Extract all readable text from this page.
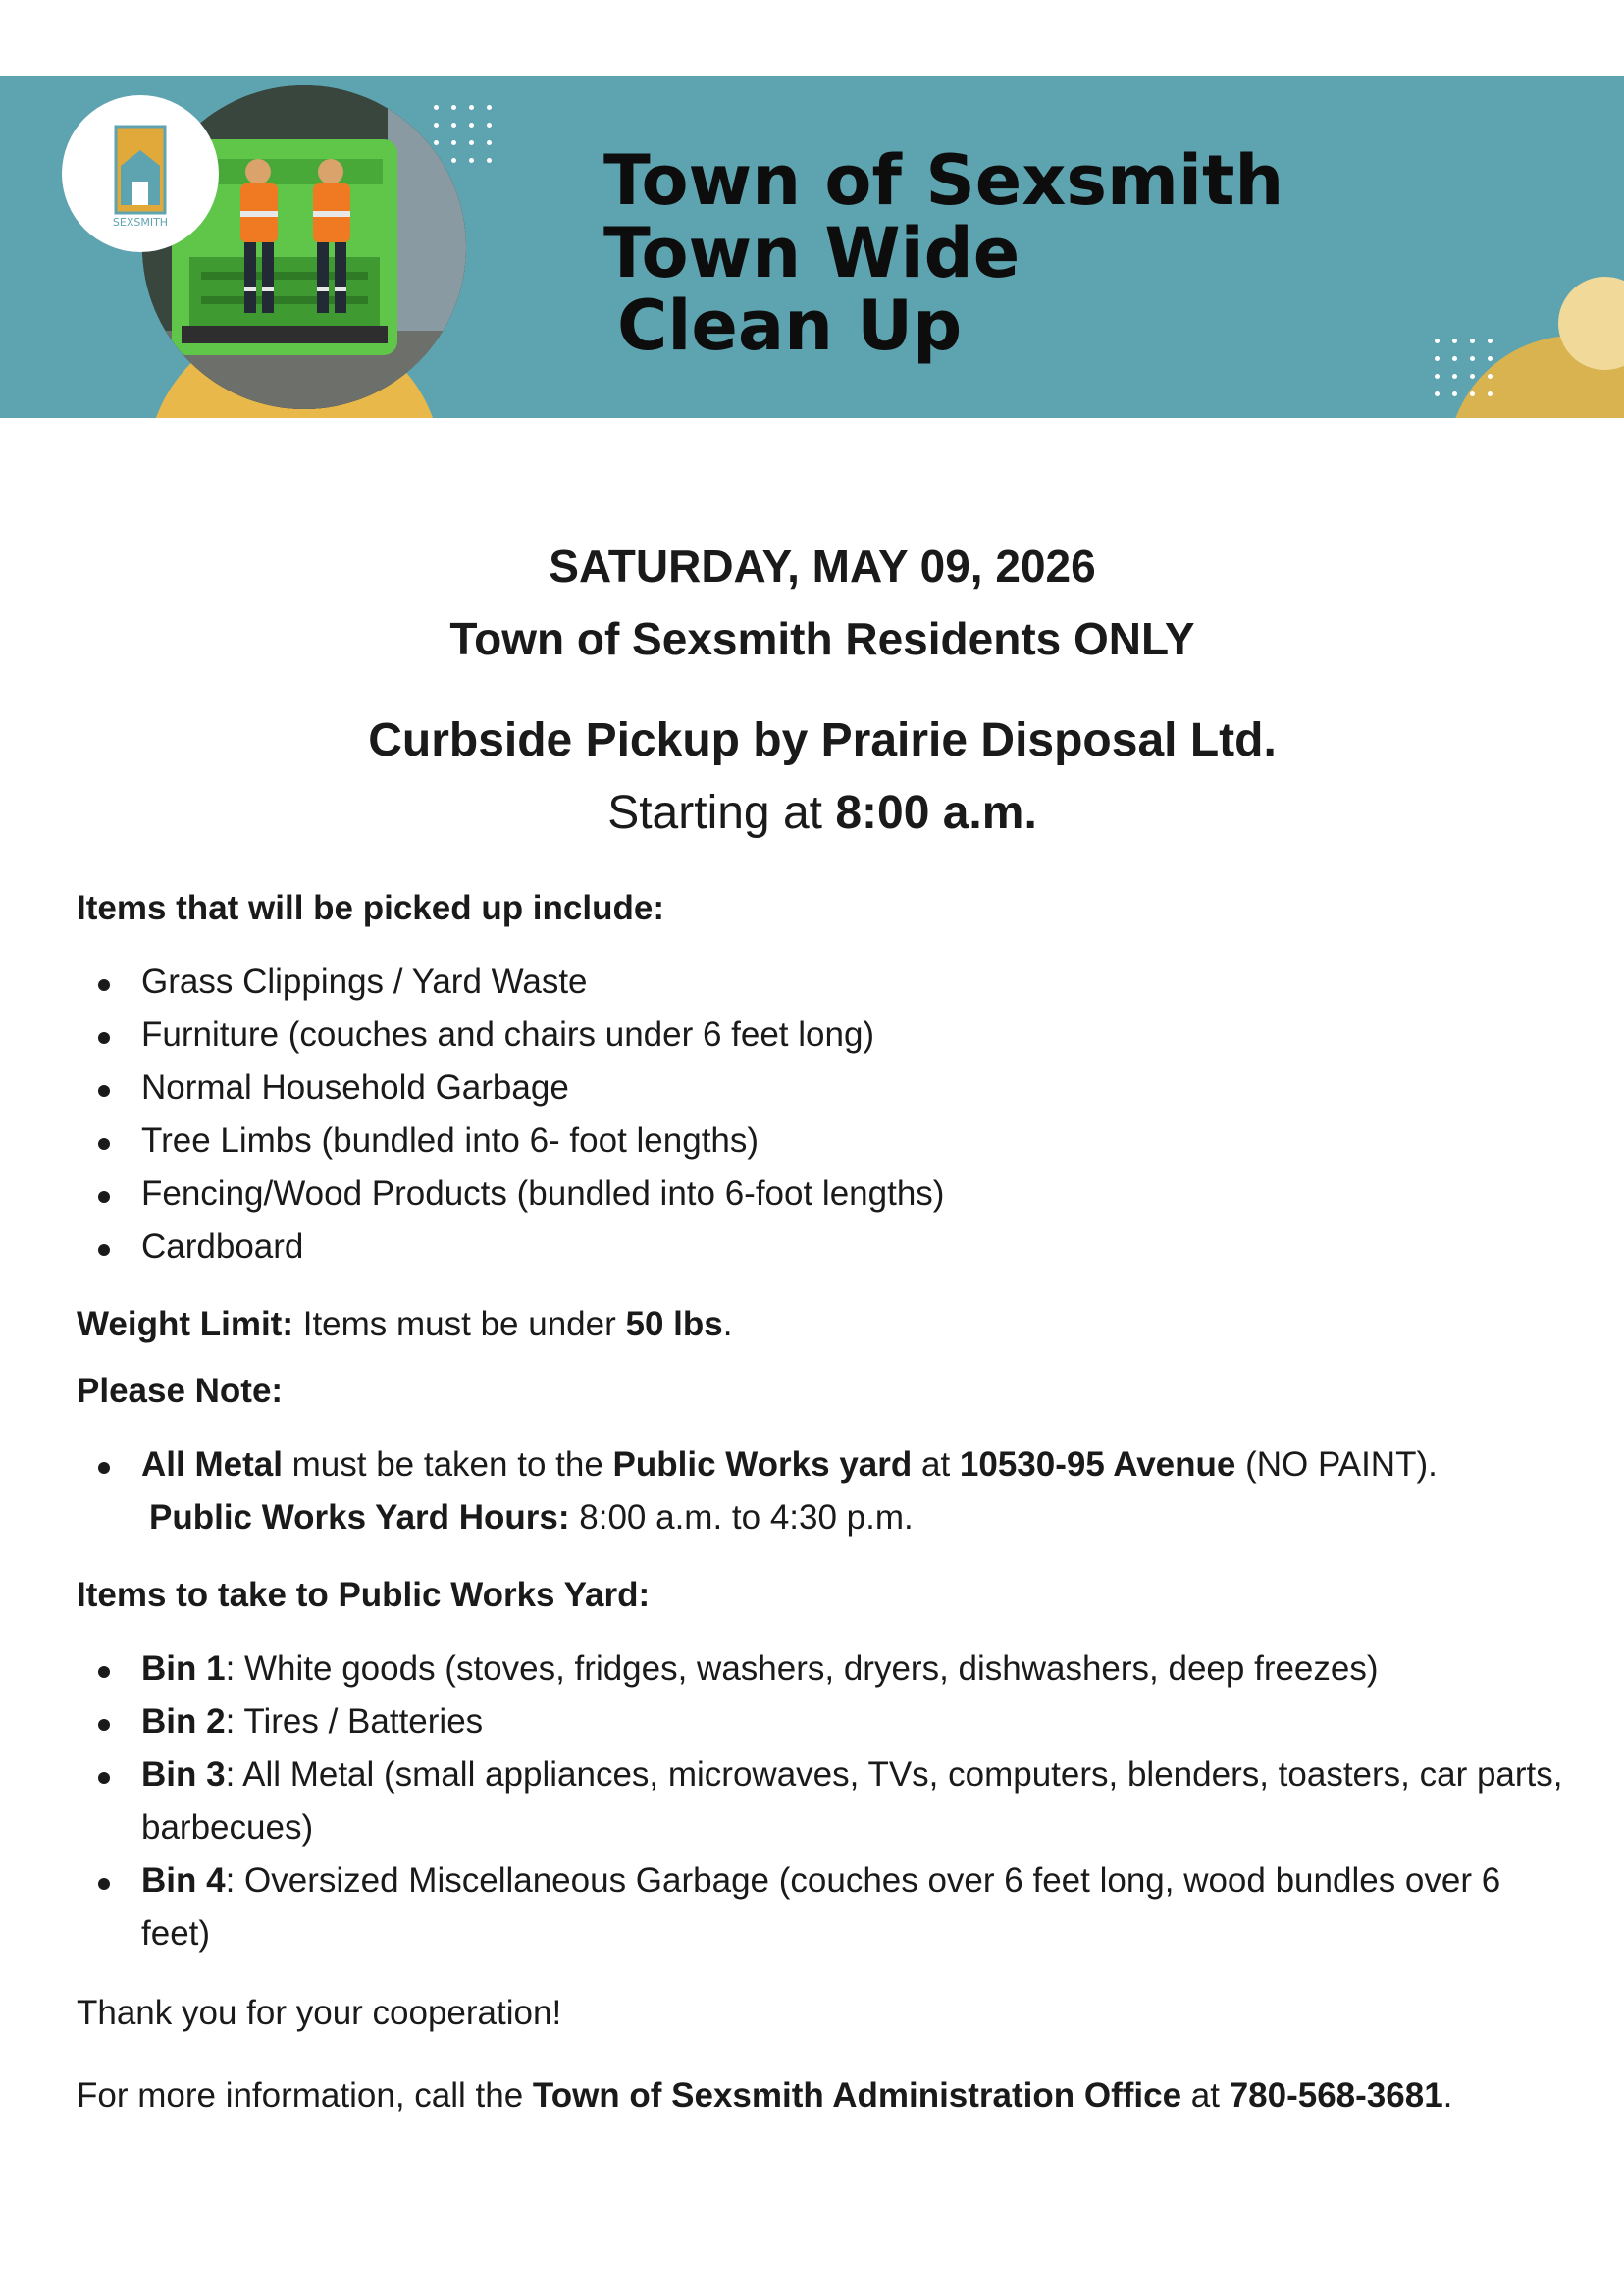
SEXSMITH
Town of Sexsmith
Town Wide
Clean Up
SATURDAY, MAY 09, 2026
Town of Sexsmith Residents ONLY
Curbside Pickup by Prairie Disposal Ltd.
Starting at 8:00 a.m.

Items that will be picked up include:

Grass Clippings / Yard Waste
Furniture (couches and chairs under 6 feet long)
Normal Household Garbage
Tree Limbs (bundled into 6- foot lengths)
Fencing/Wood Products (bundled into 6-foot lengths)
Cardboard

Weight Limit: Items must be under 50 lbs.

Please Note:

All Metal must be taken to the Public Works yard at 10530-95 Avenue (NO PAINT).
Public Works Yard Hours: 8:00 a.m. to 4:30 p.m.

Items to take to Public Works Yard:

Bin 1: White goods (stoves, fridges, washers, dryers, dishwashers, deep freezes)
Bin 2: Tires / Batteries
Bin 3: All Metal (small appliances, microwaves, TVs, computers, blenders, toasters, car parts, barbecues)
Bin 4: Oversized Miscellaneous Garbage (couches over 6 feet long, wood bundles over 6 feet)

Thank you for your cooperation!

For more information, call the Town of Sexsmith Administration Office at 780-568-3681.
